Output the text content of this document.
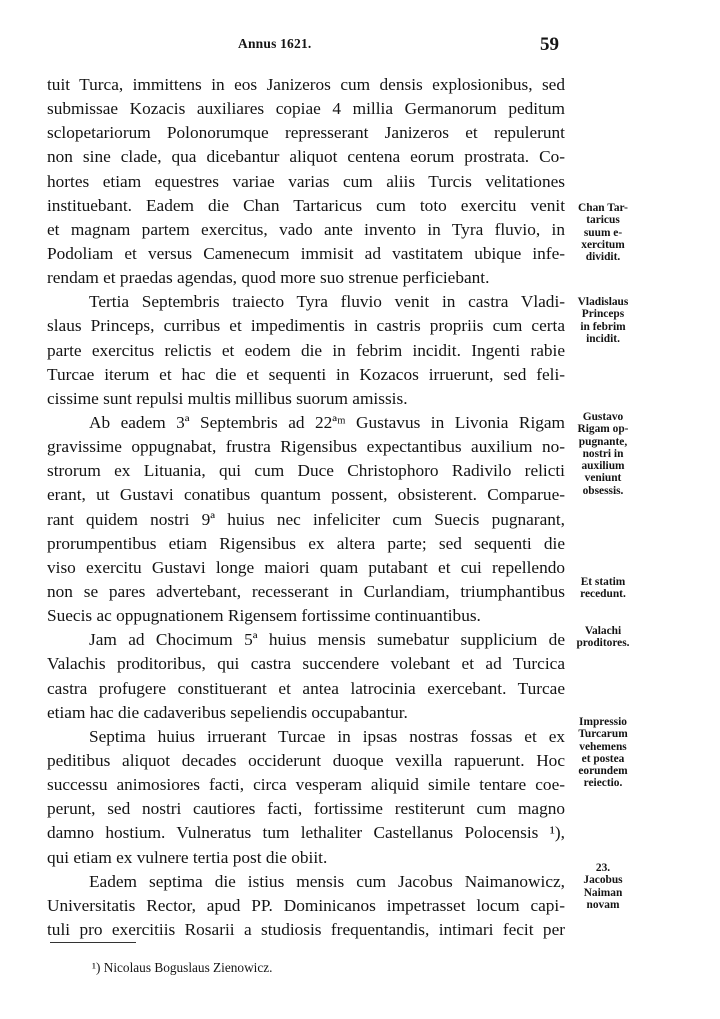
Annus 1621.	59
tuit Turca, immittens in eos Janizeros cum densis explosionibus, sed
submissae Kozacis auxiliares copiae 4 millia Germanorum peditum
sclopetariorum Polonorumque represserant Janizeros et repulerunt
non sine clade, qua dicebantur aliquot centena eorum prostrata. Co-
hortes etiam equestres variae varias cum aliis Turcis velitationes
instituebant. Eadem die Chan Tartaricus cum toto exercitu venit
et magnam partem exercitus, vado ante invento in Tyra fluvio, in
Podoliam et versus Camenecum immisit ad vastitatem ubique infe-
rendam et praedas agendas, quod more suo strenue perficiebant.
Tertia Septembris traiecto Tyra fluvio venit in castra Vladi-
slaus Princeps, curribus et impedimentis in castris propriis cum certa
parte exercitus relictis et eodem die in febrim incidit. Ingenti rabie
Turcae iterum et hac die et sequenti in Kozacos irruerunt, sed feli-
cissime sunt repulsi multis millibus suorum amissis.
Ab eadem 3ª Septembris ad 22ªᵐ Gustavus in Livonia Rigam
gravissime oppugnabat, frustra Rigensibus expectantibus auxilium no-
strorum ex Lituania, qui cum Duce Christophoro Radivilo relicti
erant, ut Gustavi conatibus quantum possent, obsisterent. Comparue-
rant quidem nostri 9ª huius nec infeliciter cum Suecis pugnarant,
prorumpentibus etiam Rigensibus ex altera parte; sed sequenti die
viso exercitu Gustavi longe maiori quam putabant et cui repellendo
non se pares advertebant, recesserant in Curlandiam, triumphantibus
Suecis ac oppugnationem Rigensem fortissime continuantibus.
Jam ad Chocimum 5ª huius mensis sumebatur supplicium de
Valachis proditoribus, qui castra succendere volebant et ad Turcica
castra profugere constituerant et antea latrocinia exercebant. Turcae
etiam hac die cadaveribus sepeliendis occupabantur.
Septima huius irruerant Turcae in ipsas nostras fossas et ex
peditibus aliquot decades occiderunt duoque vexilla rapuerunt. Hoc
successu animosiores facti, circa vesperam aliquid simile tentare coe-
perunt, sed nostri cautiores facti, fortissime restiterunt cum magno
damno hostium. Vulneratus tum lethaliter Castellanus Polocensis ¹),
qui etiam ex vulnere tertia post die obiit.
Eadem septima die istius mensis cum Jacobus Naimanowicz,
Universitatis Rector, apud PP. Dominicanos impetrasset locum capi-
tuli pro exercitiis Rosarii a studiosis frequentandis, intimari fecit per
Chan Tar-
taricus
suum e-
xercitum
dividit.
Vladislaus
Princeps
in febrim
incidit.
Gustavo
Rigam op-
pugnante,
nostri in
auxilium
veniunt
obsessis.
Et statim
recedunt.
Valachi
proditores.
Impressio
Turcarum
vehemens
et postea
eorundem
reiectio.
23.
Jacobus
Naiman
novam
¹) Nicolaus Boguslaus Zienowicz.
